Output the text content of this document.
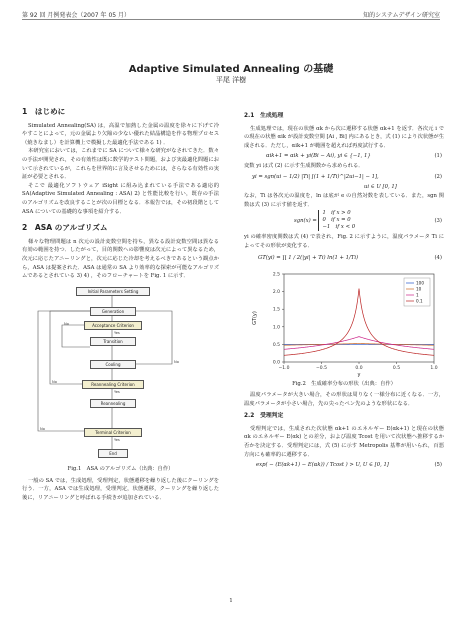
第 92 回 月例発表会（2007 年 05 月）	知的システムデザイン研究室
Adaptive Simulated Annealing の基礎
平尾 洋樹
1　はじめに

Simulated Annealing(SA) は，高温で加熱した金属の温度を徐々に下げて冷やすことによって，元の金属より欠陥の少ない優れた結晶構造を作る物理プロセス（焼きなまし）を計算機上で模擬した最適化手法である 1) ．

本研究室においては，これまでに SA について様々な研究がなされてきた．数々の手法が開発され，その有効性は既に数学的テスト問題，および実最適化問題において示されているが，これらを世界的に言及させるためには，さらなる有効性の実証が必要とされる．

そこで 最適化ソフトウェア iSight に組み込まれている手法である適応的 SA(Adaptive Simulated Annealing : ASA) 2) と性能比較を行い，既存の手法のアルゴリズムを改良することが次の目標となる．本報告では，その初段階として ASA についての基礎的な事項を紹介する．

2　ASA のアルゴリズム

様々な物理問題は n 次元の設計変数空間を持ち，異なる設計変数空間は異なる有効の範囲を持つ．したがって，目的関数への影響度は次元によって異なるため，次元に応じたアニーリングと，次元に応じた冷却を考えるべきであるという観点から，ASA は提案された．ASA は通常の SA より効率的な探索が可能なアルゴリズムであるとされている 3) 4) ，そのフローチャートを Fig. 1 に示す．

Initial Parameters Setting
Generation
Acceptance Criterion
Transition
Cooling
Reannealing Criterion
Reannealing
Terminal Criterion
End
Yes
No
No
Yes
No
Yes
No
Fig.1　ASA のアルゴリズム（出典：自作）

一般の SA では，生成処理，受理判定，状態遷移を繰り返した後にクーリングを行う．一方，ASA では生成処理，受理判定，状態遷移，クーリングを繰り返した後に，リアニーリングと呼ばれる手続きが追加されている．

2.1　生成処理

生成処理では，現在の状態 αk から次に遷移する状態 αk+1 を返す．各次元 i での現在の状態 αik が設計変数空間 [Ai , Bi] 内にあるとき，式 (1) により次状態が生成される．ただし，αik+1 が範囲を超えれば再度試行する．

αik+1 = αik + yi(Bi − Ai), yi ∈ {−1, 1}	(1)

変数 yi は式 (2) に示す生成関数から求められる．

yi = sgn(ui − 1/2) |Ti| [(1 + 1/Ti)^|2ui−1| − 1],	(2)
ui ∈ U [0, 1]

なお，Ti は各次元の温度を，ln は底が e の自然対数を表している．また，sgn 関数は式 (3) に示す値を返す．

sgn(x) =
1　if x > 0
0　if x = 0
−1　if x < 0
(3)

yi の確率密度関数は式 (4) で表され，Fig. 2 に示すように，温度パラメータ Ti によってその形状が変化する．

GT(yi) = ∏ 1 / 2(|yi| + Ti) ln(1 + 1/Ti)	(4)
0.0
0.5
1.0
1.5
2.0
2.5
−1.0	−0.5	0.0	0.5	1.0
y
GT(y)
100
10
1
0.1
Fig.2　生成確率分布の形状（出典：自作）

温度パラメータが大きい場合，その形状は周りなく一様分布に近くなる．一方，温度パラメータが小さい場合，先の尖ったペン先のような形状になる．

2.2　受理判定

受理判定では，生成された次状態 αk+1 のエネルギー E(αk+1) と現在の状態 αk のエネルギー E(αk) との差分，および温度 Tcost を用いて次状態へ推移するか否かを決定する．受理判定には，式 (5) に示す Metropolis 基準が用いられ，百悪方向にも確率的に遷移する．

exp( − (E(αk+1) − E(αk)) / Tcost ) > U, U ∈ [0, 1]	(5)
1
